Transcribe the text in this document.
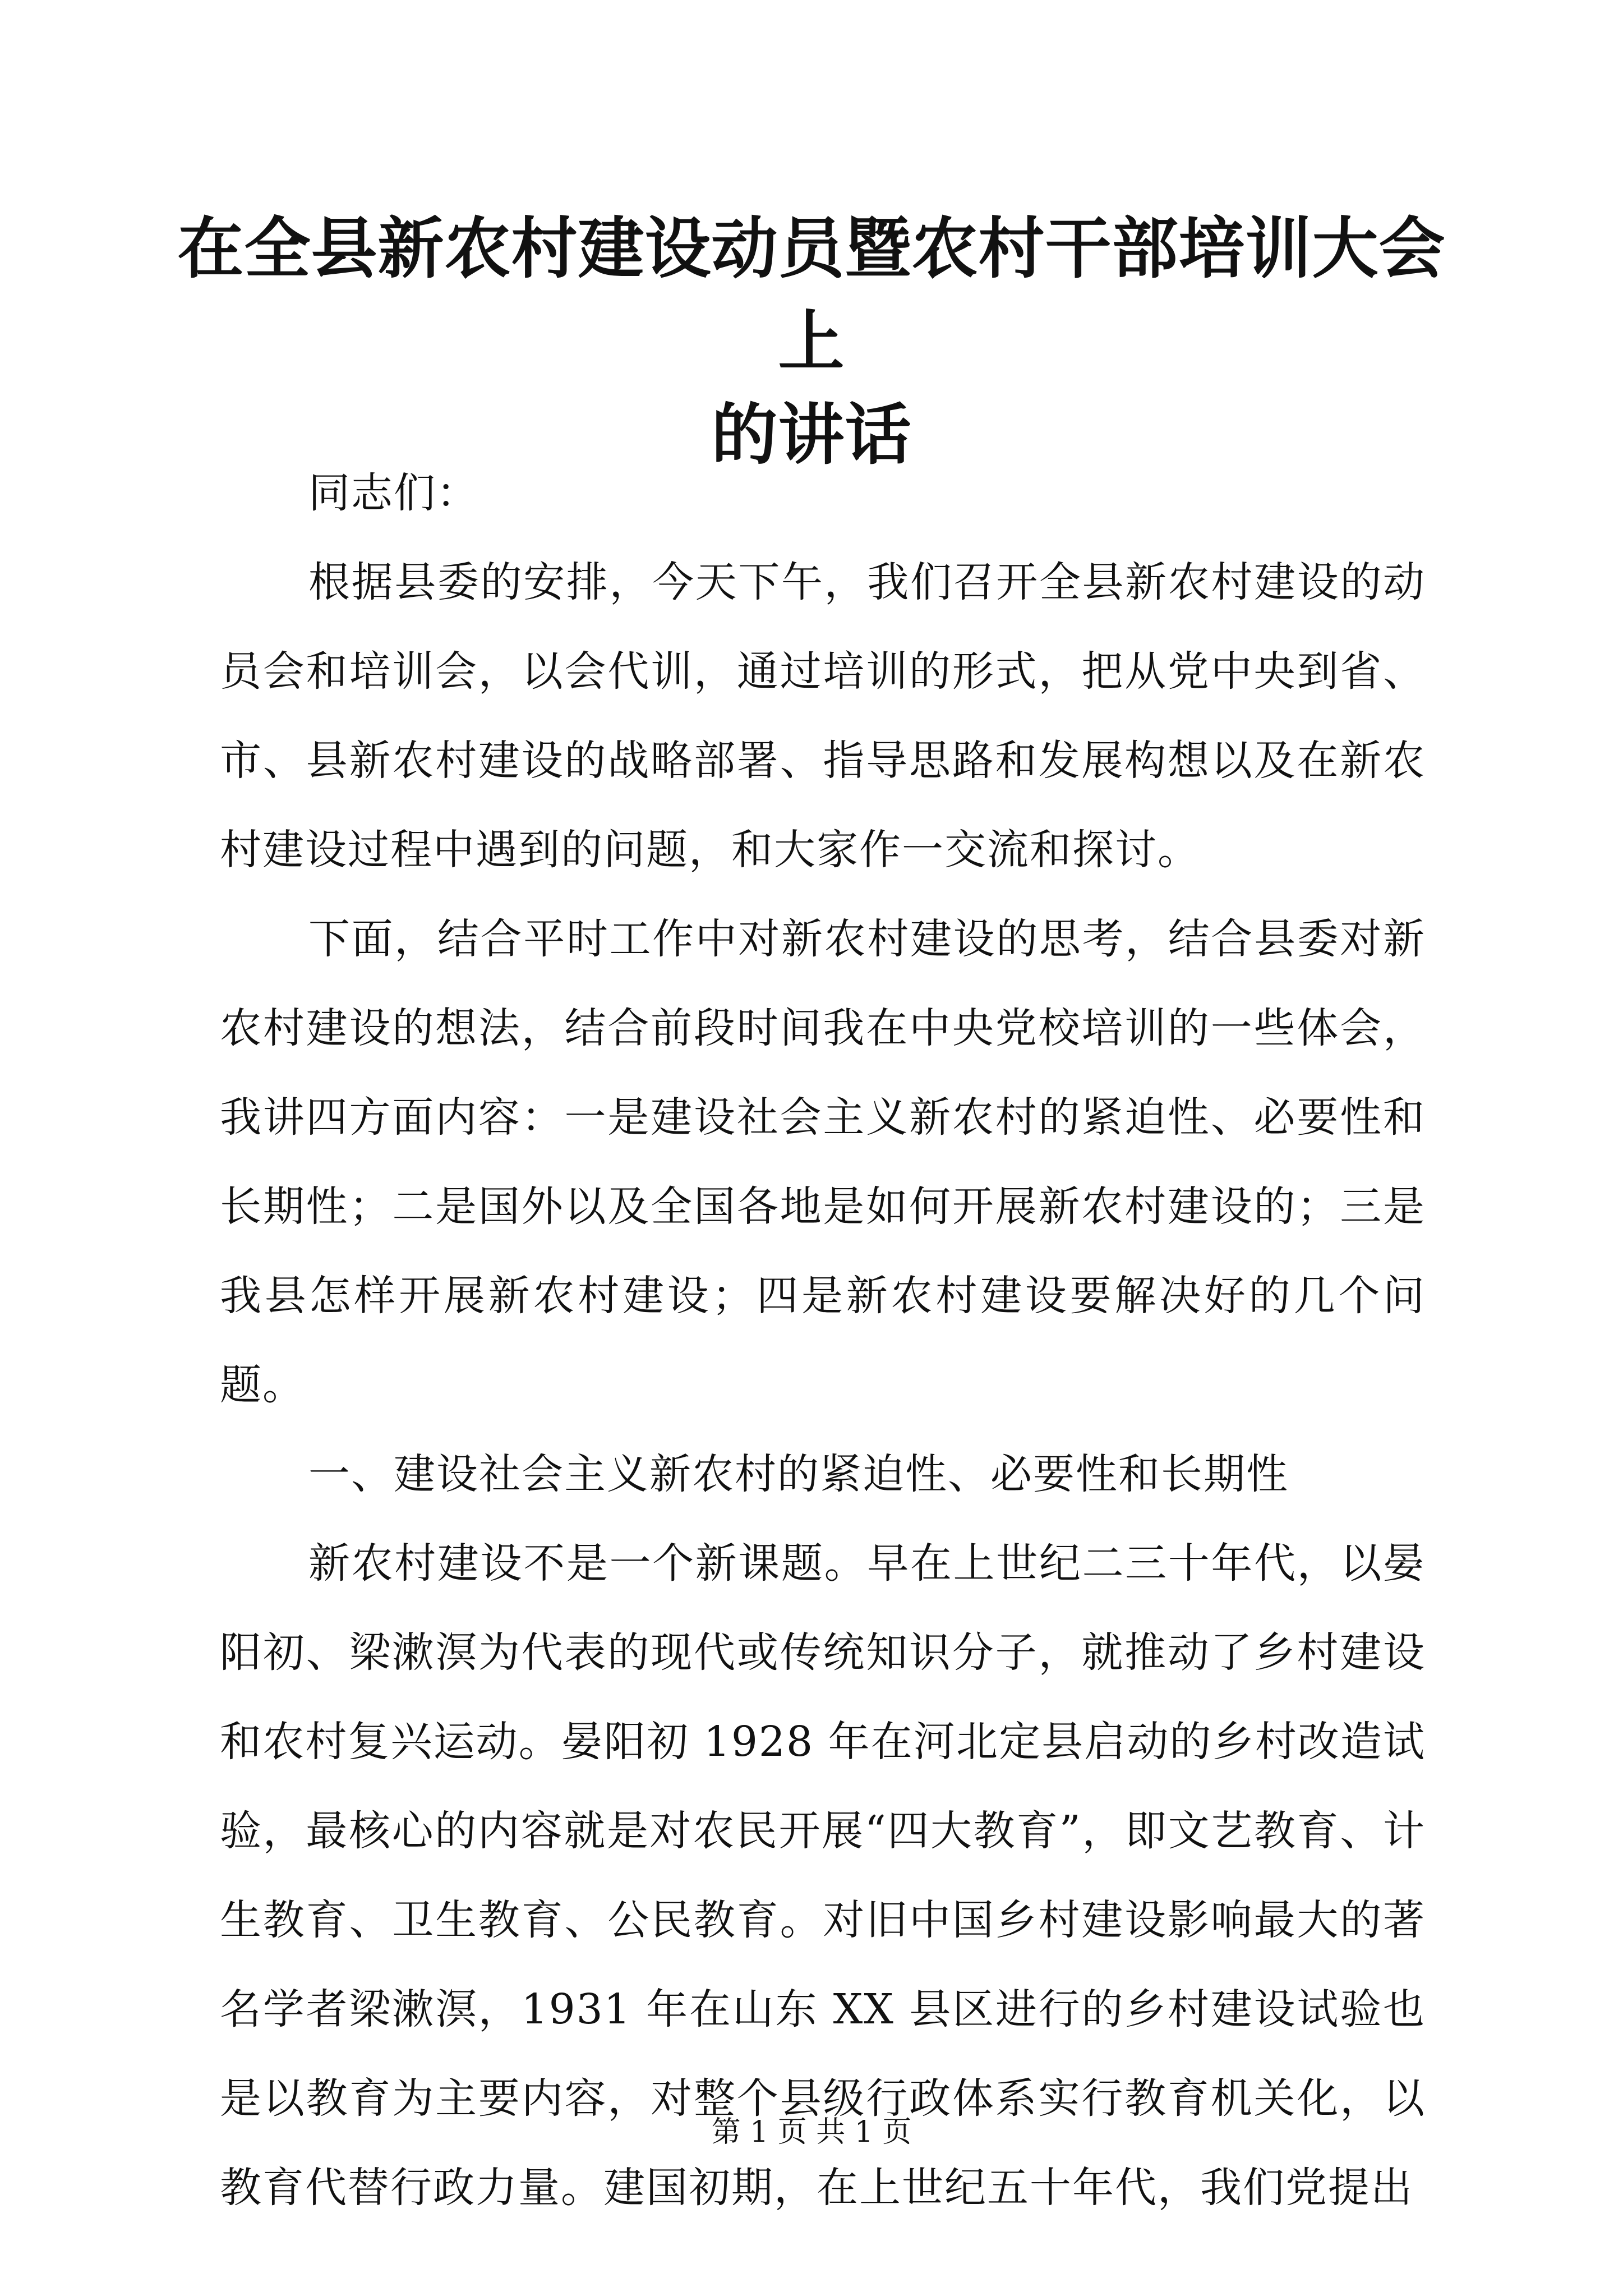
在全县新农村建设动员暨农村干部培训大会上
的讲话

同志们：

根据县委的安排，今天下午，我们召开全县新农村建设的动员会和培训会，以会代训，通过培训的形式，把从党中央到省、市、县新农村建设的战略部署、指导思路和发展构想以及在新农村建设过程中遇到的问题，和大家作一交流和探讨。

下面，结合平时工作中对新农村建设的思考，结合县委对新农村建设的想法，结合前段时间我在中央党校培训的一些体会，我讲四方面内容：一是建设社会主义新农村的紧迫性、必要性和长期性；二是国外以及全国各地是如何开展新农村建设的；三是我县怎样开展新农村建设；四是新农村建设要解决好的几个问题。

一、建设社会主义新农村的紧迫性、必要性和长期性

新农村建设不是一个新课题。早在上世纪二三十年代，以晏阳初、梁漱溟为代表的现代或传统知识分子，就推动了乡村建设和农村复兴运动。晏阳初 1928 年在河北定县启动的乡村改造试验，最核心的内容就是对农民开展“四大教育”，即文艺教育、计生教育、卫生教育、公民教育。对旧中国乡村建设影响最大的著名学者梁漱溟，1931 年在山东 XX 县区进行的乡村建设试验也是以教育为主要内容，对整个县级行政体系实行教育机关化，以教育代替行政力量。建国初期，在上世纪五十年代，我们党提出

第 1 页 共 1 页
